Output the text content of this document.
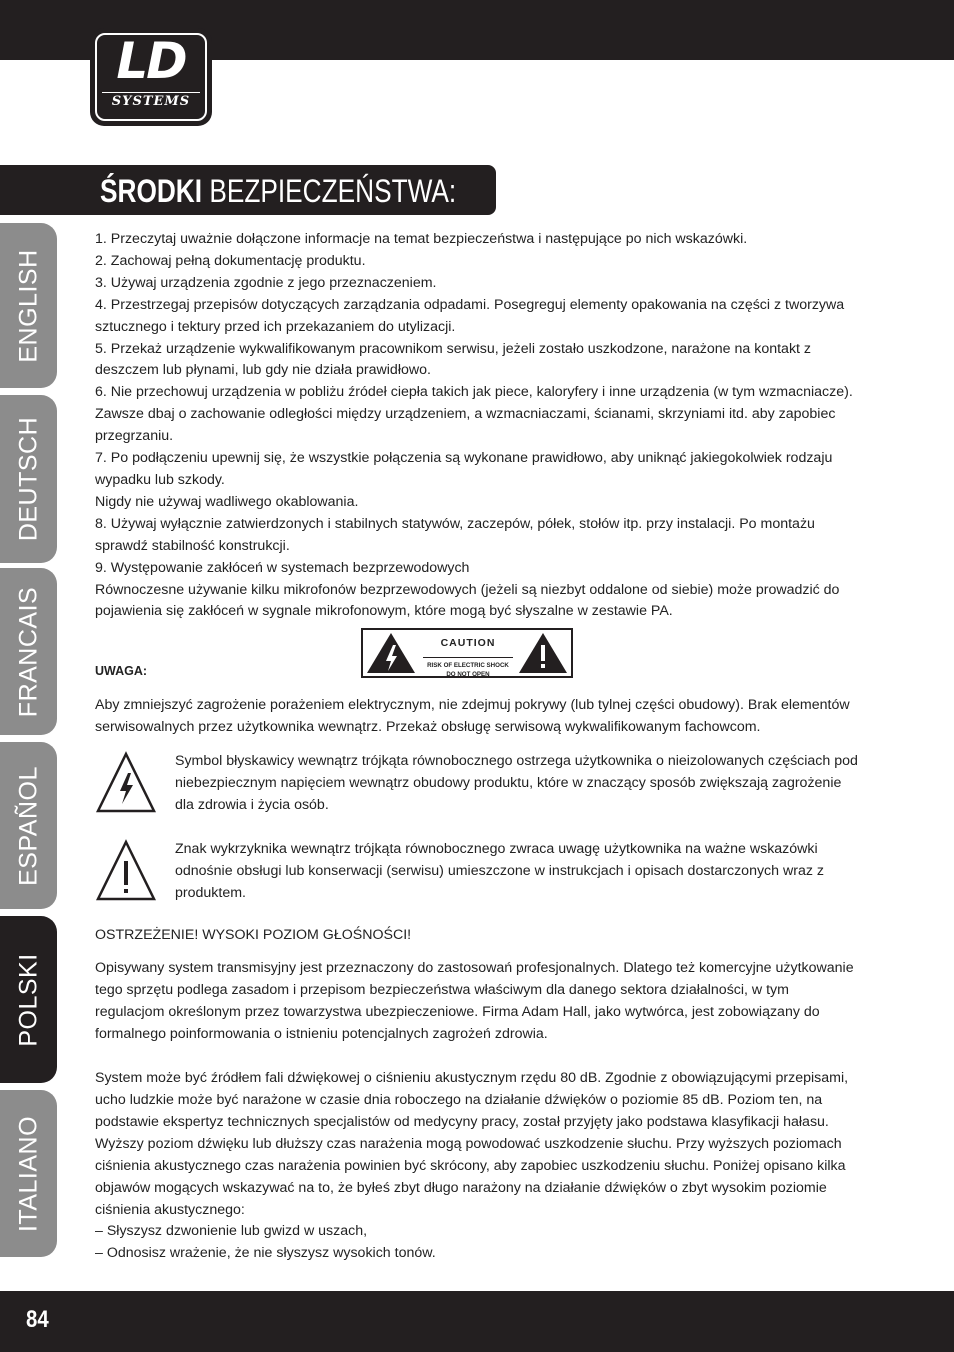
LD
SYSTEMS
ŚRODKI BEZPIECZEŃSTWA:
ENGLISH
DEUTSCH
FRANCAIS
ESPAÑOL
POLSKI
ITALIANO

1. Przeczytaj uważnie dołączone informacje na temat bezpieczeństwa i następujące po nich wskazówki.

2. Zachowaj pełną dokumentację produktu.

3. Używaj urządzenia zgodnie z jego przeznaczeniem.

4. Przestrzegaj przepisów dotyczących zarządzania odpadami. Posegreguj elementy opakowania na części z tworzywa sztucznego i tektury przed ich przekazaniem do utylizacji.

5. Przekaż urządzenie wykwalifikowanym pracownikom serwisu, jeżeli zostało uszkodzone, narażone na kontakt z deszczem lub płynami, lub gdy nie działa prawidłowo.

6. Nie przechowuj urządzenia w pobliżu źródeł ciepła takich jak piece, kaloryfery i inne urządzenia (w tym wzmacniacze). Zawsze dbaj o zachowanie odległości między urządzeniem, a wzmacniaczami, ścianami, skrzyniami itd. aby zapobiec przegrzaniu.

7. Po podłączeniu upewnij się, że wszystkie połączenia są wykonane prawidłowo, aby uniknąć jakiegokolwiek rodzaju wypadku lub szkody.

Nigdy nie używaj wadliwego okablowania.

8. Używaj wyłącznie zatwierdzonych i stabilnych statywów, zaczepów, półek, stołów itp. przy instalacji. Po montażu sprawdź stabilność konstrukcji.

9. Występowanie zakłóceń w systemach bezprzewodowych

Równoczesne używanie kilku mikrofonów bezprzewodowych (jeżeli są niezbyt oddalone od siebie) może prowadzić do pojawienia się zakłóceń w sygnale mikrofonowym, które mogą być słyszalne w zestawie PA.

UWAGA:
CAUTION
RISK OF ELECTRIC SHOCK
DO NOT OPEN

Aby zmniejszyć zagrożenie porażeniem elektrycznym, nie zdejmuj pokrywy (lub tylnej części obudowy). Brak elementów serwisowalnych przez użytkownika wewnątrz. Przekaż obsługę serwisową wykwalifikowanym fachowcom.

Symbol błyskawicy wewnątrz trójkąta równobocznego ostrzega użytkownika o nieizolowanych częściach pod niebezpiecznym napięciem wewnątrz obudowy produktu, które w znaczący sposób zwiększają zagrożenie dla zdrowia i życia osób.

Znak wykrzyknika wewnątrz trójkąta równobocznego zwraca uwagę użytkownika na ważne wskazówki odnośnie obsługi lub konserwacji (serwisu) umieszczone w instrukcjach i opisach dostarczonych wraz z produktem.

OSTRZEŻENIE! WYSOKI POZIOM GŁOŚNOŚCI!

Opisywany system transmisyjny jest przeznaczony do zastosowań profesjonalnych. Dlatego też komercyjne użytkowanie tego sprzętu podlega zasadom i przepisom bezpieczeństwa właściwym dla danego sektora działalności, w tym regulacjom określonym przez towarzystwa ubezpieczeniowe. Firma Adam Hall, jako wytwórca, jest zobowiązany do formalnego poinformowania o istnieniu potencjalnych zagrożeń zdrowia.

System może być źródłem fali dźwiękowej o ciśnieniu akustycznym rzędu 80 dB. Zgodnie z obowiązującymi przepisami, ucho ludzkie może być narażone w czasie dnia roboczego na działanie dźwięków o poziomie 85 dB. Poziom ten, na podstawie ekspertyz technicznych specjalistów od medycyny pracy, został przyjęty jako podstawa klasyfikacji hałasu. Wyższy poziom dźwięku lub dłuższy czas narażenia mogą powodować uszkodzenie słuchu. Przy wyższych poziomach ciśnienia akustycznego czas narażenia powinien być skrócony, aby zapobiec uszkodzeniu słuchu. Poniżej opisano kilka objawów mogących wskazywać na to, że byłeś zbyt długo narażony na działanie dźwięków o zbyt wysokim poziomie ciśnienia akustycznego:

– Słyszysz dzwonienie lub gwizd w uszach,

– Odnosisz wrażenie, że nie słyszysz wysokich tonów.

84
